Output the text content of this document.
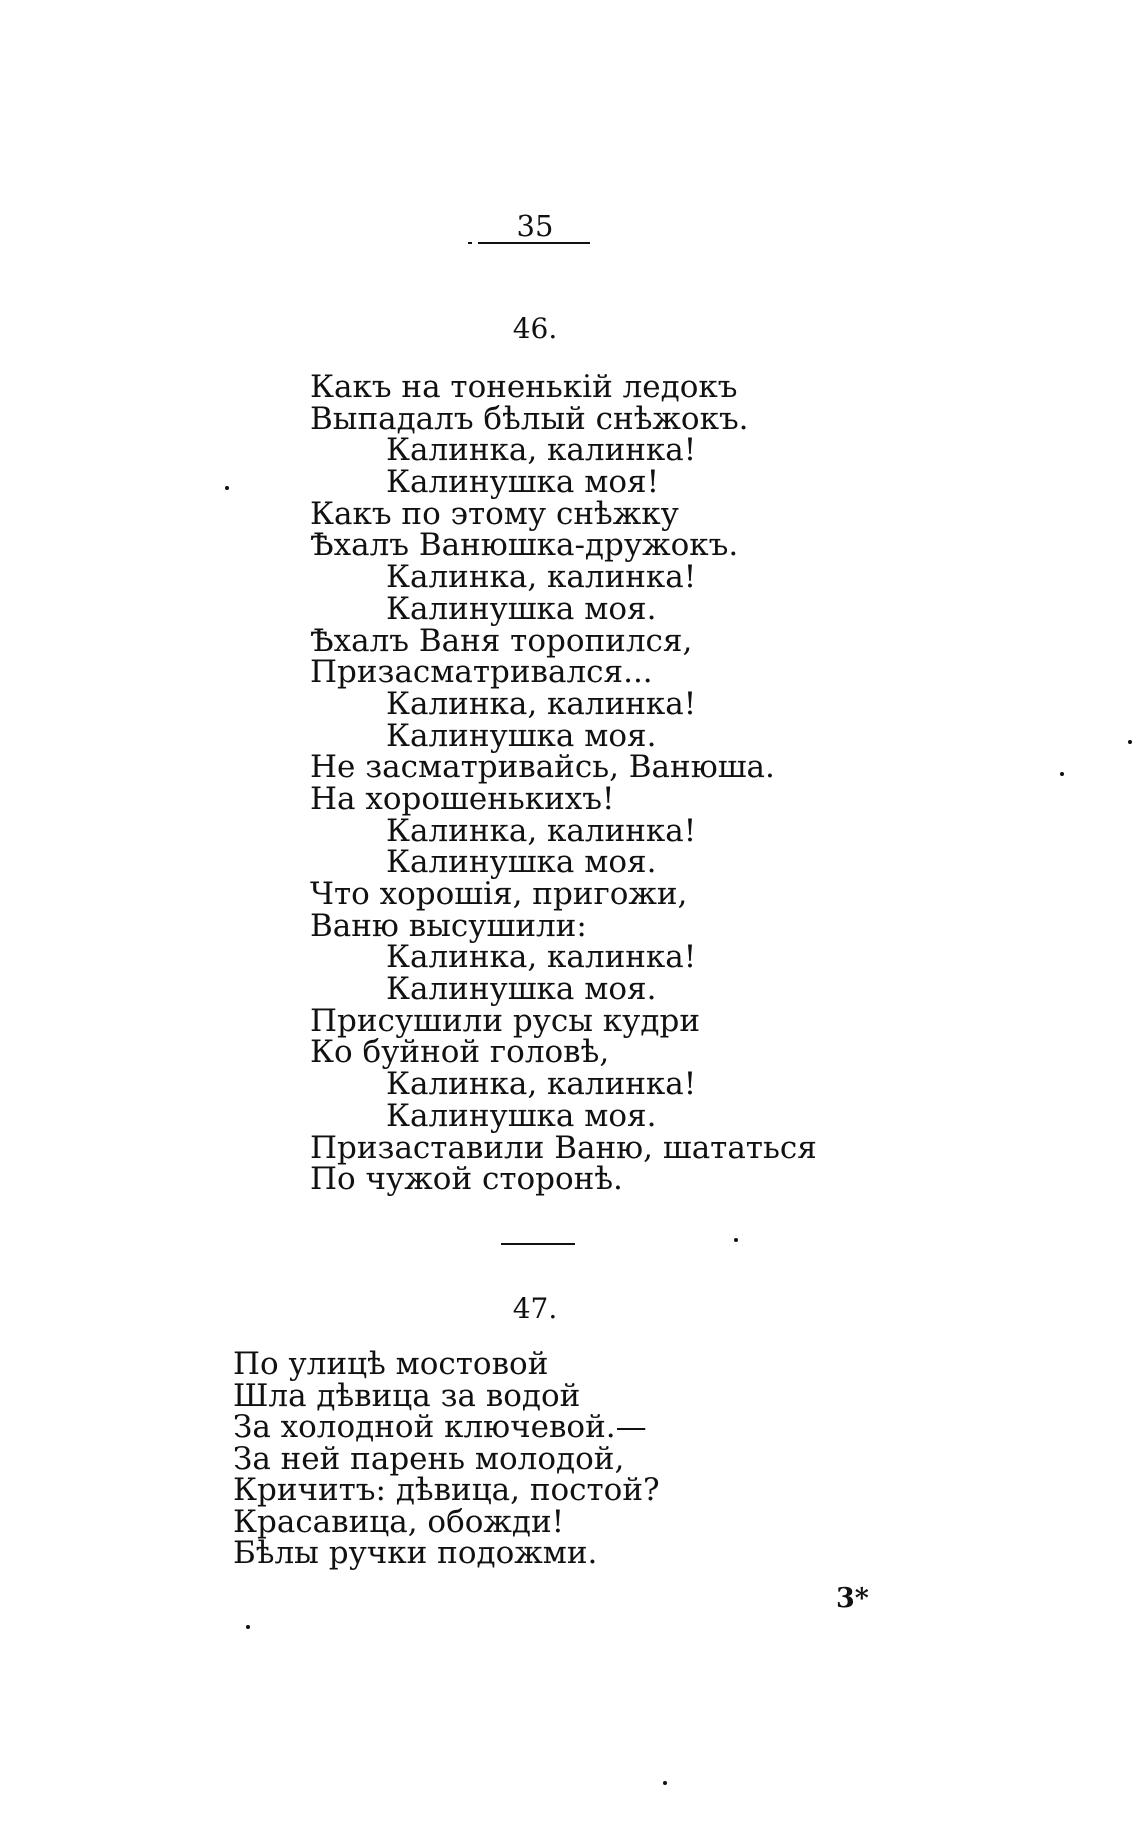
35
46.
Какъ на тоненькій ледокъ
Выпадалъ бѣлый снѣжокъ.
Калинка, калинка!
Калинушка моя!
Какъ по этому снѣжку
Ѣхалъ Ванюшка-дружокъ.
Калинка, калинка!
Калинушка моя.
Ѣхалъ Ваня торопился,
Призасматривался...
Калинка, калинка!
Калинушка моя.
Не засматривайсь, Ванюша.
На хорошенькихъ!
Калинка, калинка!
Калинушка моя.
Что хорошія, пригожи,
Ваню высушили:
Калинка, калинка!
Калинушка моя.
Присушили русы кудри
Ко буйной головѣ,
Калинка, калинка!
Калинушка моя.
Призаставили Ваню, шататься
По чужой сторонѣ.
47.
По улицѣ мостовой
Шла дѣвица за водой
За холодной ключевой.—
За ней парень молодой,
Кричитъ: дѣвица, постой?
Красавица, обожди!
Бѣлы ручки подожми.
3*
